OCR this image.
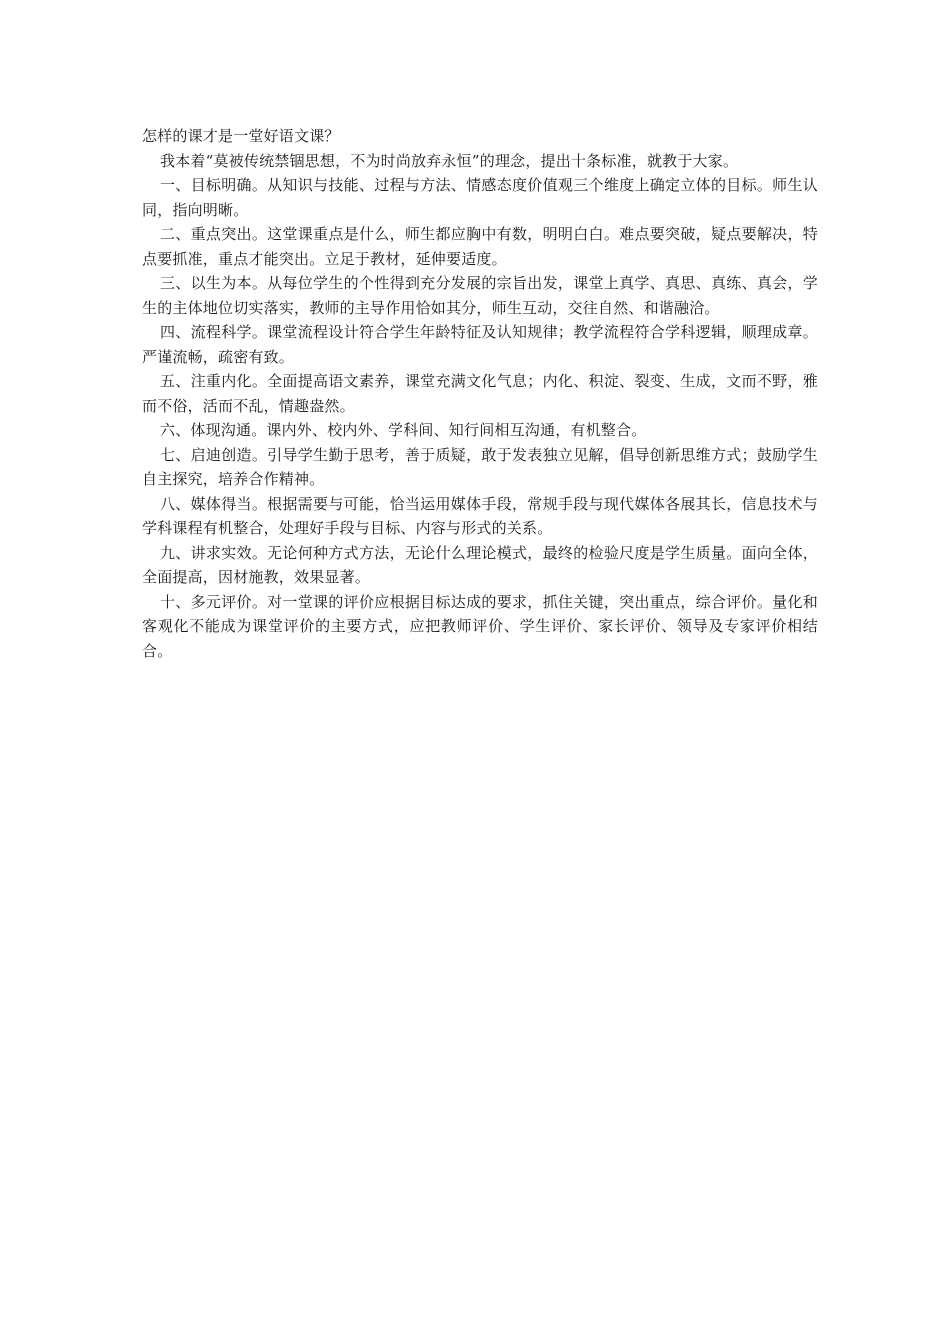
怎样的课才是一堂好语文课？

我本着“莫被传统禁锢思想，不为时尚放弃永恒”的理念，提出十条标准，就教于大家。

一、目标明确。从知识与技能、过程与方法、情感态度价值观三个维度上确定立体的目标。师生认同，指向明晰。

二、重点突出。这堂课重点是什么，师生都应胸中有数，明明白白。难点要突破，疑点要解决，特点要抓准，重点才能突出。立足于教材，延伸要适度。

三、以生为本。从每位学生的个性得到充分发展的宗旨出发，课堂上真学、真思、真练、真会，学生的主体地位切实落实，教师的主导作用恰如其分，师生互动，交往自然、和谐融洽。

四、流程科学。课堂流程设计符合学生年龄特征及认知规律；教学流程符合学科逻辑，顺理成章。严谨流畅，疏密有致。

五、注重内化。全面提高语文素养，课堂充满文化气息；内化、积淀、裂变、生成，文而不野，雅而不俗，活而不乱，情趣盎然。

六、体现沟通。课内外、校内外、学科间、知行间相互沟通，有机整合。

七、启迪创造。引导学生勤于思考，善于质疑，敢于发表独立见解，倡导创新思维方式；鼓励学生自主探究，培养合作精神。

八、媒体得当。根据需要与可能，恰当运用媒体手段，常规手段与现代媒体各展其长，信息技术与学科课程有机整合，处理好手段与目标、内容与形式的关系。

九、讲求实效。无论何种方式方法，无论什么理论模式，最终的检验尺度是学生质量。面向全体，全面提高，因材施教，效果显著。

十、多元评价。对一堂课的评价应根据目标达成的要求，抓住关键，突出重点，综合评价。量化和客观化不能成为课堂评价的主要方式，应把教师评价、学生评价、家长评价、领导及专家评价相结合。
